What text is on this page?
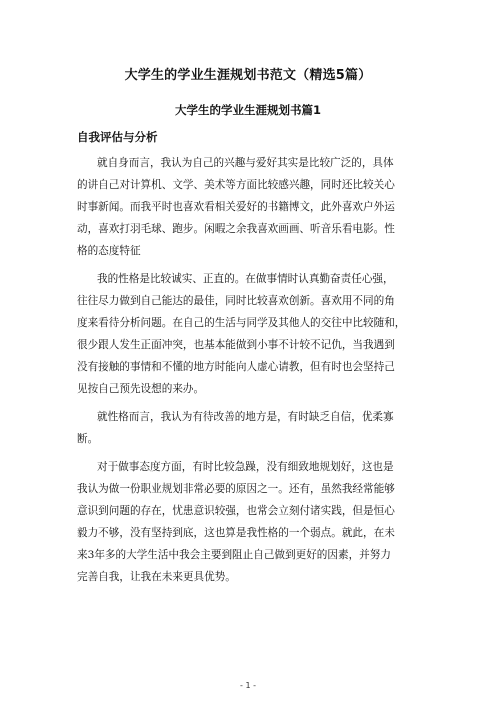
大学生的学业生涯规划书范文（精选5篇）
大学生的学业生涯规划书篇1
自我评估与分析

就自身而言，我认为自己的兴趣与爱好其实是比较广泛的，具体
的讲自己对计算机、文学、美术等方面比较感兴趣，同时还比较关心
时事新闻。而我平时也喜欢看相关爱好的书籍博文，此外喜欢户外运
动，喜欢打羽毛球、跑步。闲暇之余我喜欢画画、听音乐看电影。性
格的态度特征

我的性格是比较诚实、正直的。在做事情时认真勤奋责任心强，
往往尽力做到自己能达的最佳，同时比较喜欢创新。喜欢用不同的角
度来看待分析问题。在自己的生活与同学及其他人的交往中比较随和，
很少跟人发生正面冲突，也基本能做到小事不计较不记仇，当我遇到
没有接触的事情和不懂的地方时能向人虚心请教，但有时也会坚持己
见按自己预先设想的来办。

就性格而言，我认为有待改善的地方是，有时缺乏自信，优柔寡
断。

对于做事态度方面，有时比较急躁，没有细致地规划好，这也是
我认为做一份职业规划非常必要的原因之一。还有，虽然我经常能够
意识到问题的存在，忧患意识较强，也常会立刻付诸实践，但是恒心
毅力不够，没有坚持到底，这也算是我性格的一个弱点。就此，在未
来3年多的大学生活中我会主要到阻止自己做到更好的因素，并努力
完善自我，让我在未来更具优势。

- 1 -
